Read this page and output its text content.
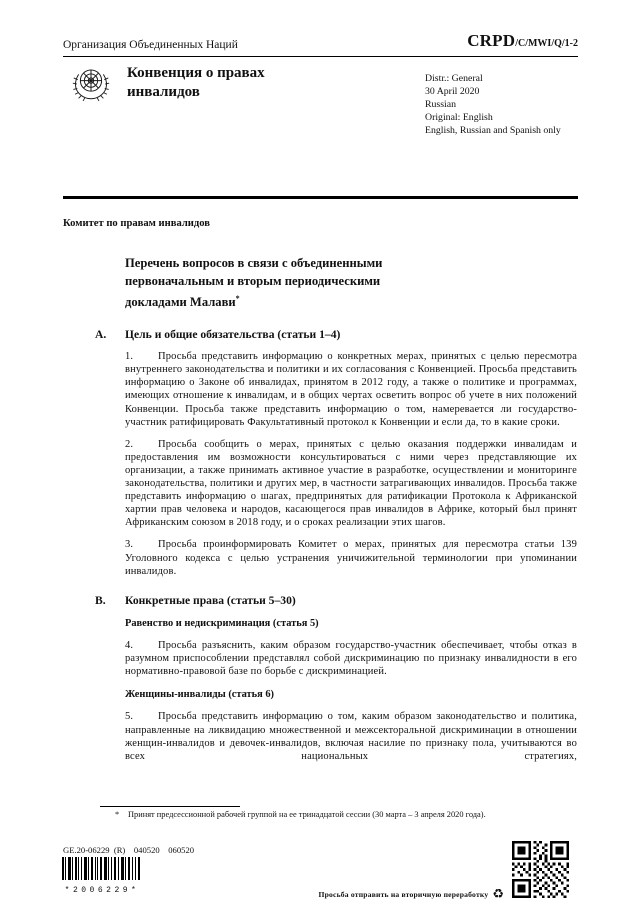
Организация Объединенных Наций	CRPD/C/MWI/Q/1-2
Конвенция о правах инвалидов
Distr.: General
30 April 2020
Russian
Original: English
English, Russian and Spanish only
Комитет по правам инвалидов
Перечень вопросов в связи с объединенными первоначальным и вторым периодическими докладами Малави*
A.	Цель и общие обязательства (статьи 1–4)

1. Просьба представить информацию о конкретных мерах, принятых с целью пересмотра внутреннего законодательства и политики и их согласования с Конвенцией. Просьба представить информацию о Законе об инвалидах, принятом в 2012 году, а также о политике и программах, имеющих отношение к инвалидам, и в общих чертах осветить вопрос об учете в них положений Конвенции. Просьба также представить информацию о том, намеревается ли государство-участник ратифицировать Факультативный протокол к Конвенции и если да, то в какие сроки.

2. Просьба сообщить о мерах, принятых с целью оказания поддержки инвалидам и предоставления им возможности консультироваться с ними через представляющие их организации, а также принимать активное участие в разработке, осуществлении и мониторинге законодательства, политики и других мер, в частности затрагивающих инвалидов. Просьба также представить информацию о шагах, предпринятых для ратификации Протокола к Африканской хартии прав человека и народов, касающегося прав инвалидов в Африке, который был принят Африканским союзом в 2018 году, и о сроках реализации этих шагов.

3. Просьба проинформировать Комитет о мерах, принятых для пересмотра статьи 139 Уголовного кодекса с целью устранения уничижительной терминологии при упоминании инвалидов.

B.	Конкретные права (статьи 5–30)
Равенство и недискриминация (статья 5)

4. Просьба разъяснить, каким образом государство-участник обеспечивает, чтобы отказ в разумном приспособлении представлял собой дискриминацию по признаку инвалидности в его нормативно-правовой базе по борьбе с дискриминацией.

Женщины-инвалиды (статья 6)

5. Просьба представить информацию о том, каким образом законодательство и политика, направленные на ликвидацию множественной и межсекторальной дискриминации в отношении женщин-инвалидов и девочек-инвалидов, включая насилие по признаку пола, учитываются во всех национальных стратегиях,

* Принят предсессионной рабочей группой на ее тринадцатой сессии (30 марта – 3 апреля 2020 года).
GE.20-06229  (R)    040520    060520
*2006229*	Просьба отправить на вторичную переработку ♻
